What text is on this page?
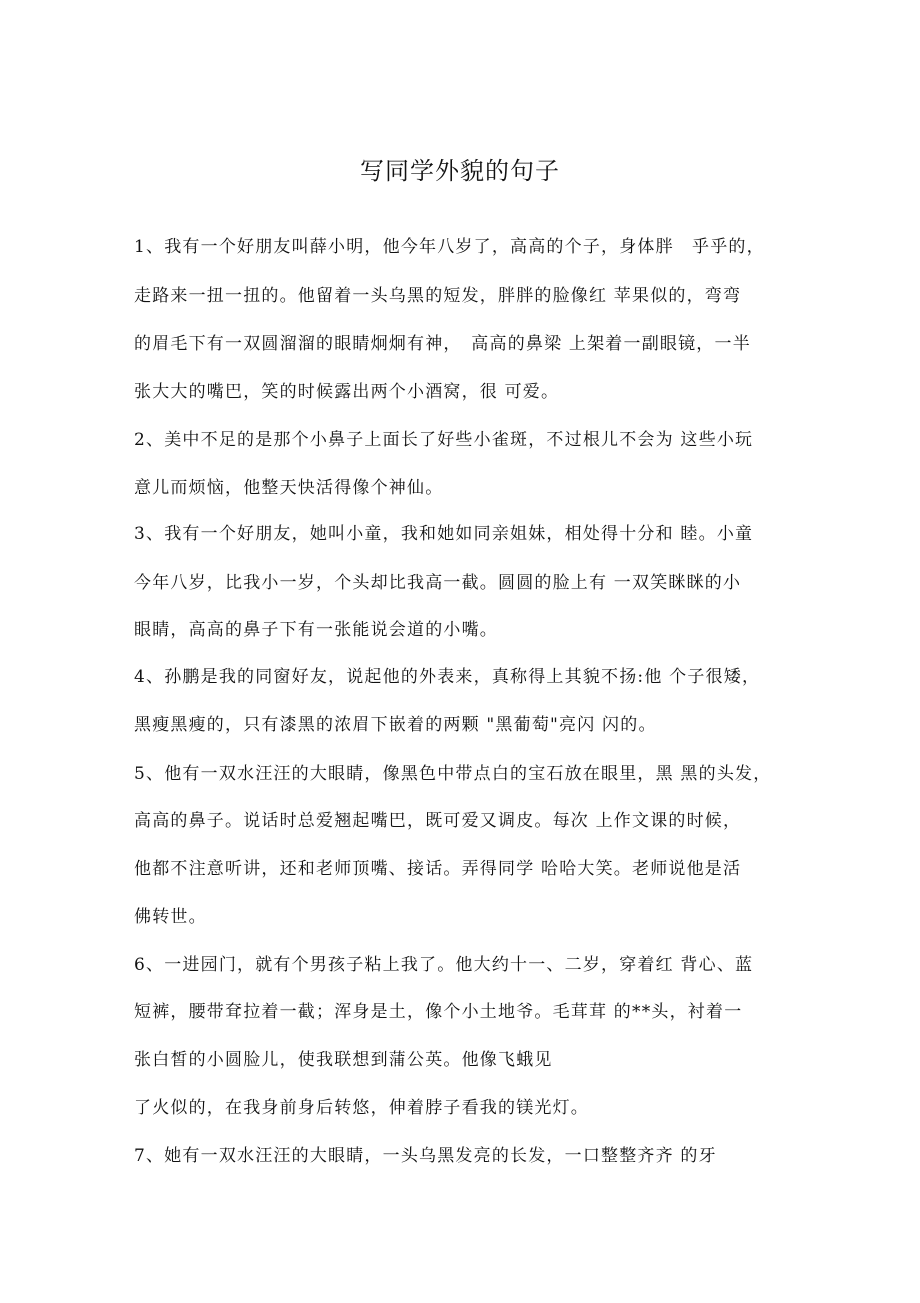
写同学外貌的句子
1、我有一个好朋友叫薛小明，他今年八岁了，高高的个子，身体胖　乎乎的，
走路来一扭一扭的。他留着一头乌黑的短发，胖胖的脸像红 苹果似的，弯弯
的眉毛下有一双圆溜溜的眼睛炯炯有神，　高高的鼻梁 上架着一副眼镜，一半
张大大的嘴巴，笑的时候露出两个小酒窝，很 可爱。
2、美中不足的是那个小鼻子上面长了好些小雀斑，不过根儿不会为 这些小玩
意儿而烦恼，他整天快活得像个神仙。
3、我有一个好朋友，她叫小童，我和她如同亲姐妹，相处得十分和 睦。小童
今年八岁，比我小一岁，个头却比我高一截。圆圆的脸上有 一双笑眯眯的小
眼睛，高高的鼻子下有一张能说会道的小嘴。
4、孙鹏是我的同窗好友，说起他的外表来，真称得上其貌不扬:他 个子很矮，
黑瘦黑瘦的，只有漆黑的浓眉下嵌着的两颗 "黑葡萄"亮闪 闪的。
5、他有一双水汪汪的大眼睛，像黑色中带点白的宝石放在眼里，黑 黑的头发，
高高的鼻子。说话时总爱翘起嘴巴，既可爱又调皮。每次 上作文课的时候，
他都不注意听讲，还和老师顶嘴、接话。弄得同学 哈哈大笑。老师说他是活
佛转世。
6、一进园门，就有个男孩子粘上我了。他大约十一、二岁，穿着红 背心、蓝
短裤，腰带耷拉着一截；浑身是土，像个小土地爷。毛茸茸 的**头，衬着一
张白皙的小圆脸儿，使我联想到蒲公英。他像飞蛾见
了火似的，在我身前身后转悠，伸着脖子看我的镁光灯。
7、她有一双水汪汪的大眼睛，一头乌黑发亮的长发，一口整整齐齐 的牙
